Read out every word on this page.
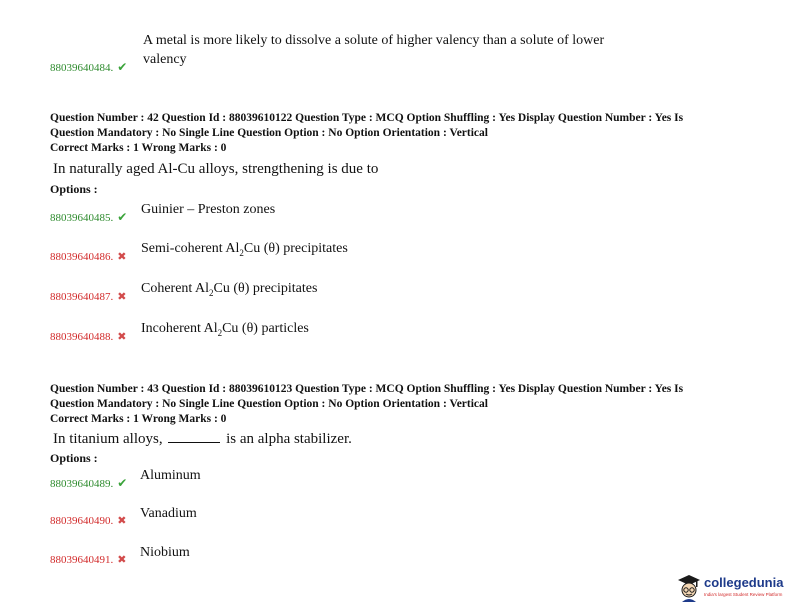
A metal is more likely to dissolve a solute of higher valency than a solute of lower
88039640484. ✔ valency
Question Number : 42 Question Id : 88039610122 Question Type : MCQ Option Shuffling : Yes Display Question Number : Yes Is
Question Mandatory : No Single Line Question Option : No Option Orientation : Vertical
Correct Marks : 1 Wrong Marks : 0
In naturally aged Al-Cu alloys, strengthening is due to
Options :
88039640485. ✔ Guinier – Preston zones
88039640486. ✖
Semi-coherent $Al_2Cu$ (θ) precipitates
88039640487. ✖
Coherent $Al_2Cu$ (θ) precipitates
88039640488. ✖
Incoherent $Al_2Cu$ (θ) particles
Question Number : 43 Question Id : 88039610123 Question Type : MCQ Option Shuffling : Yes Display Question Number : Yes Is
Question Mandatory : No Single Line Question Option : No Option Orientation : Vertical
Correct Marks : 1 Wrong Marks : 0
In titanium alloys,	is an alpha stabilizer.
Options :
88039640489. ✔ Aluminum
88039640490. ✖ Vanadium
88039640491. ✖ Niobium
collegedunia
India's largest Student Review Platform
